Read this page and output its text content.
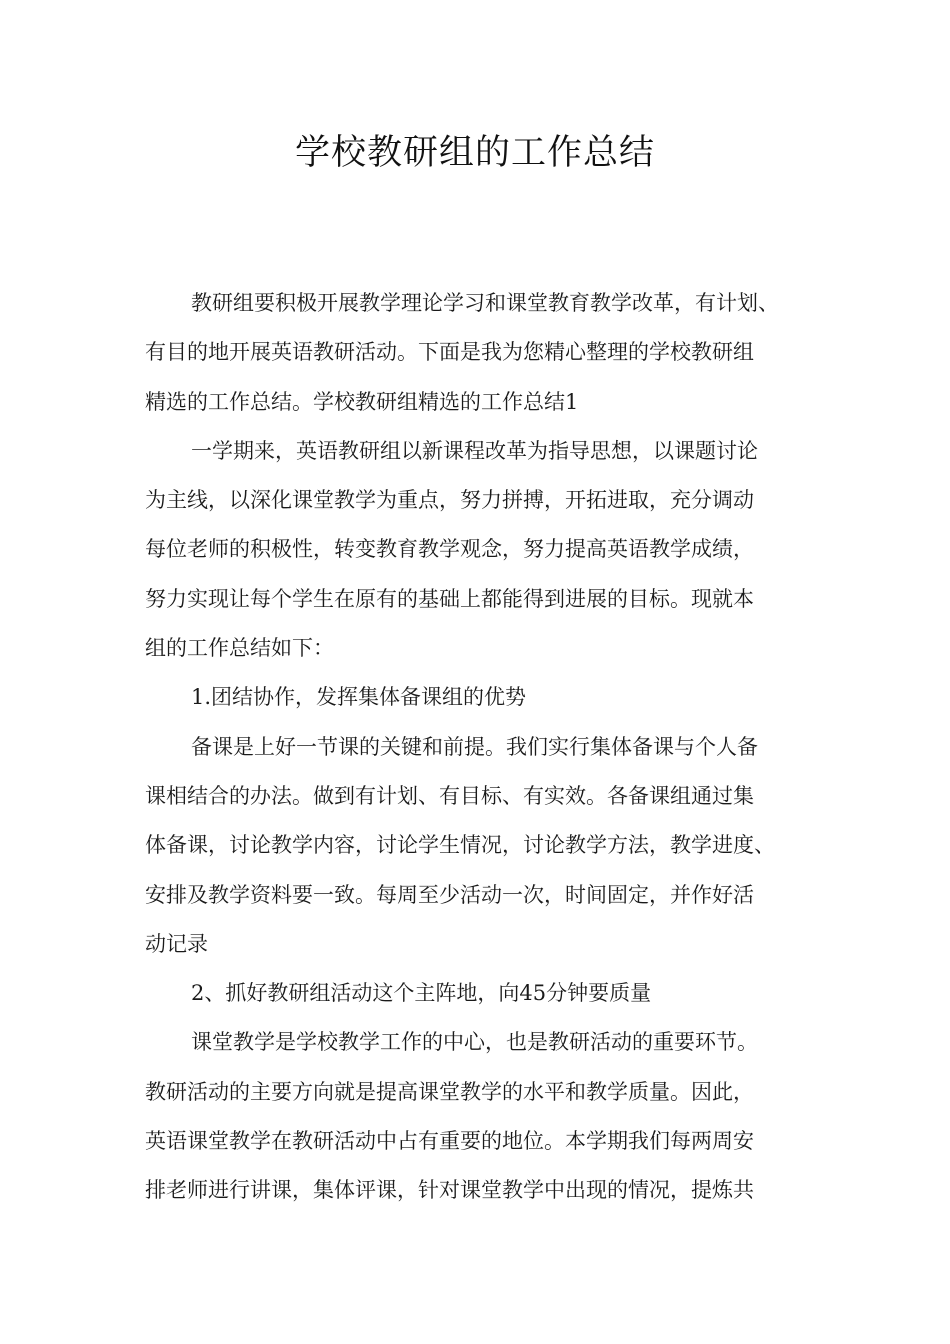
学校教研组的工作总结
教研组要积极开展教学理论学习和课堂教育教学改革，有计划、
有目的地开展英语教研活动。下面是我为您精心整理的学校教研组
精选的工作总结。学校教研组精选的工作总结1
一学期来，英语教研组以新课程改革为指导思想，以课题讨论
为主线，以深化课堂教学为重点，努力拼搏，开拓进取，充分调动
每位老师的积极性，转变教育教学观念，努力提高英语教学成绩，
努力实现让每个学生在原有的基础上都能得到进展的目标。现就本
组的工作总结如下：
1.团结协作，发挥集体备课组的优势
备课是上好一节课的关键和前提。我们实行集体备课与个人备
课相结合的办法。做到有计划、有目标、有实效。各备课组通过集
体备课，讨论教学内容，讨论学生情况，讨论教学方法，教学进度、
安排及教学资料要一致。每周至少活动一次，时间固定，并作好活
动记录
2、抓好教研组活动这个主阵地，向45分钟要质量
课堂教学是学校教学工作的中心，也是教研活动的重要环节。
教研活动的主要方向就是提高课堂教学的水平和教学质量。因此，
英语课堂教学在教研活动中占有重要的地位。本学期我们每两周安
排老师进行讲课，集体评课，针对课堂教学中出现的情况，提炼共
